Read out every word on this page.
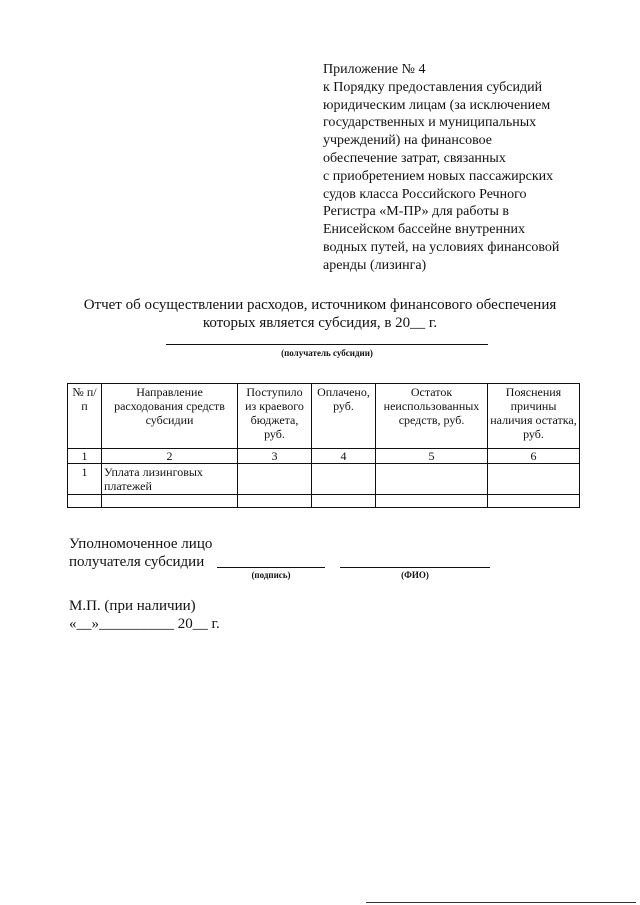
Приложение № 4
к Порядку предоставления субсидий
юридическим лицам (за исключением
государственных и муниципальных
учреждений) на финансовое
обеспечение затрат, связанных
с приобретением новых пассажирских
судов класса Российского Речного
Регистра «М-ПР» для работы в
Енисейском бассейне внутренних
водных путей, на условиях финансовой
аренды (лизинга)
Отчет об осуществлении расходов, источником финансового обеспечения
которых является субсидия, в 20__ г.
(получатель субсидии)
№ п/п	Направление расходования средств субсидии	Поступило из краевого бюджета, руб.	Оплачено, руб.	Остаток неиспользованных средств, руб.	Пояснения причины наличия остатка, руб.
1	2	3	4	5	6
1	Уплата лизинговых платежей				

Уполномоченное лицо
получателя субсидии
(подпись)	(ФИО)
М.П. (при наличии)
«__»__________ 20__ г.
